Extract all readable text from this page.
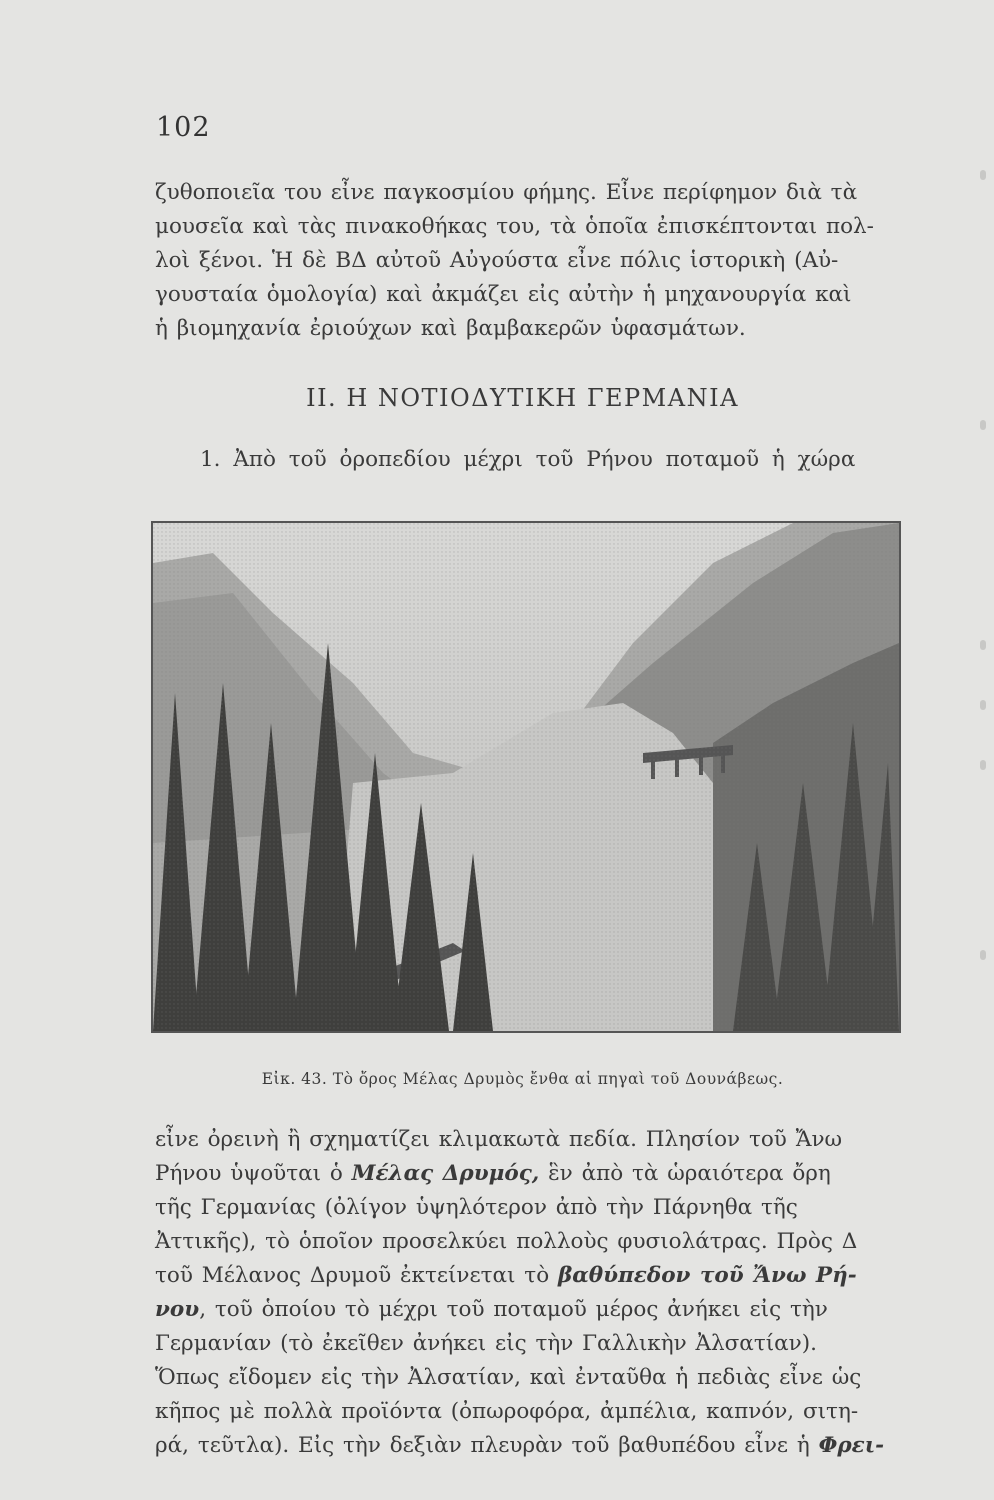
102
ζυθοποιεῖα του εἶνε παγκοσμίου φήμης. Εἶνε περίφημον διὰ τὰ
μουσεῖα καὶ τὰς πινακοθήκας του, τὰ ὁποῖα ἐπισκέπτονται πολ-
λοὶ ξένοι. Ἡ δὲ ΒΔ αὐτοῦ Αὐγούστα εἶνε πόλις ἱστορικὴ (Αὐ-
γουσταία ὁμολογία) καὶ ἀκμάζει εἰς αὐτὴν ἡ μηχανουργία καὶ
ἡ βιομηχανία ἐριούχων καὶ βαμβακερῶν ὑφασμάτων.
II. Η ΝΟΤΙΟΔΥΤΙΚΗ ΓΕΡΜΑΝΙΑ
1. Ἀπὸ τοῦ ὀροπεδίου μέχρι τοῦ Ρήνου ποταμοῦ ἡ χώρα
Εἰκ. 43. Τὸ ὄρος Μέλας Δρυμὸς ἔνθα αἱ πηγαὶ τοῦ Δουνάβεως.
εἶνε ὀρεινὴ ἢ σχηματίζει κλιμακωτὰ πεδία. Πλησίον τοῦ Ἄνω
Ρήνου ὑψοῦται ὁ Μέλας Δρυμός, ἓν ἀπὸ τὰ ὡραιότερα ὄρη
τῆς Γερμανίας (ὀλίγον ὑψηλότερον ἀπὸ τὴν Πάρνηθα τῆς
Ἀττικῆς), τὸ ὁποῖον προσελκύει πολλοὺς φυσιολάτρας. Πρὸς Δ
τοῦ Μέλανος Δρυμοῦ ἐκτείνεται τὸ βαθύπεδον τοῦ Ἄνω Ρή-
νου, τοῦ ὁποίου τὸ μέχρι τοῦ ποταμοῦ μέρος ἀνήκει εἰς τὴν
Γερμανίαν (τὸ ἐκεῖθεν ἀνήκει εἰς τὴν Γαλλικὴν Ἀλσατίαν).
Ὅπως εἴδομεν εἰς τὴν Ἀλσατίαν, καὶ ἐνταῦθα ἡ πεδιὰς εἶνε ὡς
κῆπος μὲ πολλὰ προϊόντα (ὀπωροφόρα, ἀμπέλια, καπνόν, σιτη-
ρά, τεῦτλα). Εἰς τὴν δεξιὰν πλευρὰν τοῦ βαθυπέδου εἶνε ἡ Φρει-
